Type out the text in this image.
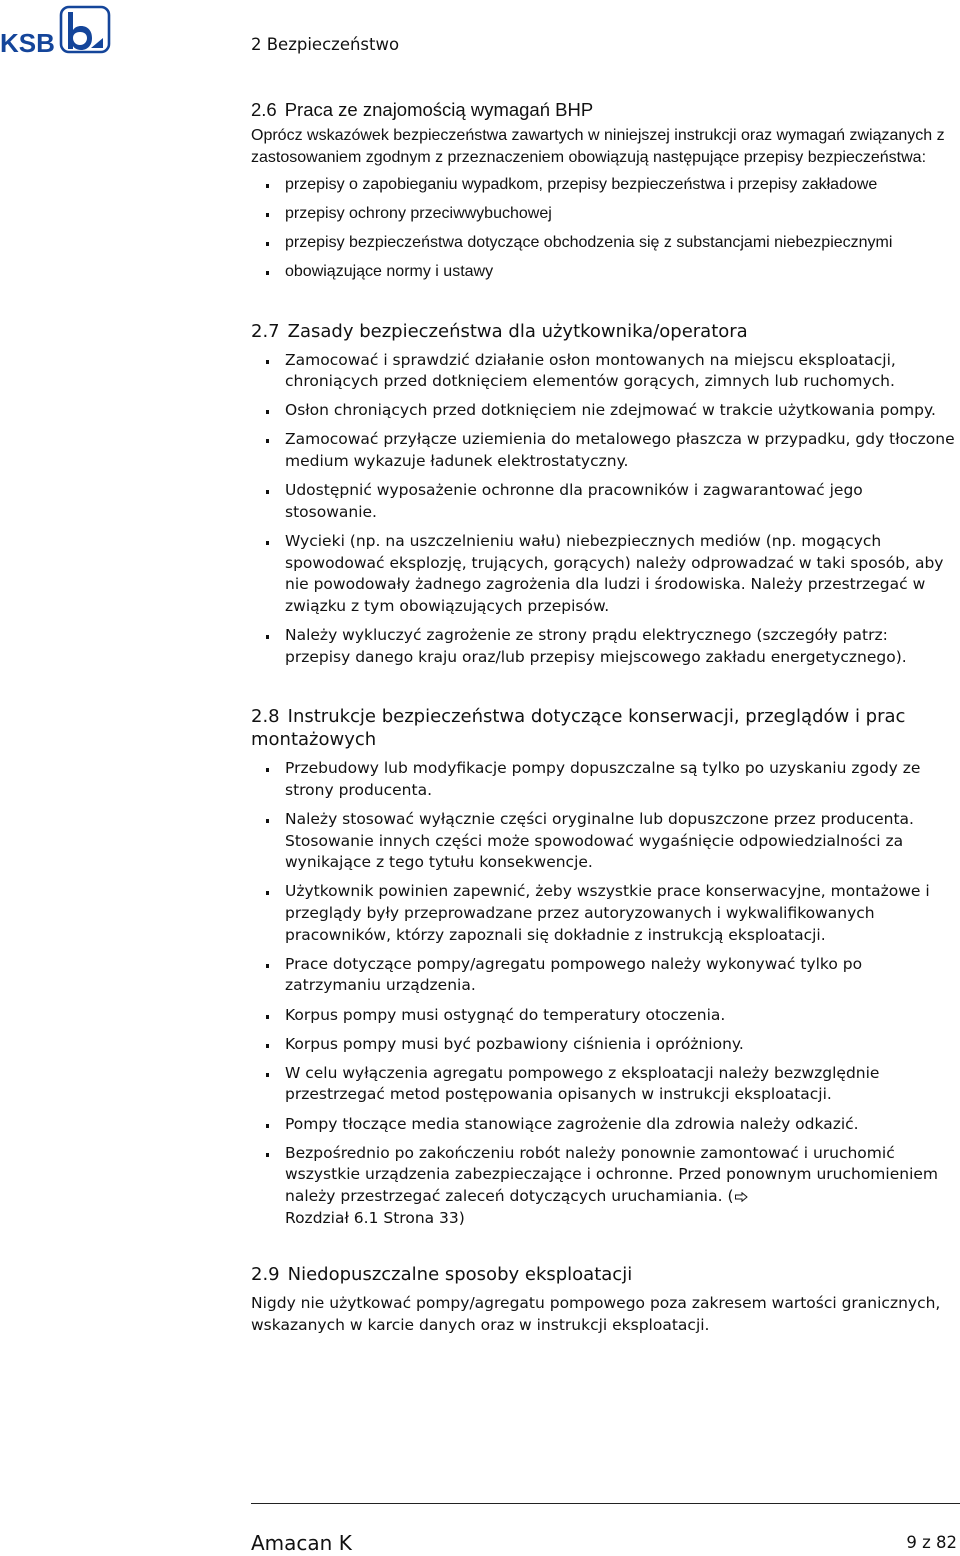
KSB	2 Bezpieczeństwo
2.6 Praca ze znajomością wymagań BHP

Oprócz wskazówek bezpieczeństwa zawartych w niniejszej instrukcji oraz wymagań związanych z zastosowaniem zgodnym z przeznaczeniem obowiązują następujące przepisy bezpieczeństwa:

przepisy o zapobieganiu wypadkom, przepisy bezpieczeństwa i przepisy zakładowe
przepisy ochrony przeciwwybuchowej
przepisy bezpieczeństwa dotyczące obchodzenia się z substancjami niebezpiecznymi
obowiązujące normy i ustawy
2.7 Zasady bezpieczeństwa dla użytkownika/operatora
Zamocować i sprawdzić działanie osłon montowanych na miejscu eksploatacji, chroniących przed dotknięciem elementów gorących, zimnych lub ruchomych.
Osłon chroniących przed dotknięciem nie zdejmować w trakcie użytkowania pompy.
Zamocować przyłącze uziemienia do metalowego płaszcza w przypadku, gdy tłoczone medium wykazuje ładunek elektrostatyczny.
Udostępnić wyposażenie ochronne dla pracowników i zagwarantować jego stosowanie.
Wycieki (np. na uszczelnieniu wału) niebezpiecznych mediów (np. mogących spowodować eksplozję, trujących, gorących) należy odprowadzać w taki sposób, aby nie powodowały żadnego zagrożenia dla ludzi i środowiska. Należy przestrzegać w związku z tym obowiązujących przepisów.
Należy wykluczyć zagrożenie ze strony prądu elektrycznego (szczegóły patrz: przepisy danego kraju oraz/lub przepisy miejscowego zakładu energetycznego).
2.8 Instrukcje bezpieczeństwa dotyczące konserwacji, przeglądów i prac montażowych
Przebudowy lub modyfikacje pompy dopuszczalne są tylko po uzyskaniu zgody ze strony producenta.
Należy stosować wyłącznie części oryginalne lub dopuszczone przez producenta. Stosowanie innych części może spowodować wygaśnięcie odpowiedzialności za wynikające z tego tytułu konsekwencje.
Użytkownik powinien zapewnić, żeby wszystkie prace konserwacyjne, montażowe i przeglądy były przeprowadzane przez autoryzowanych i wykwalifikowanych pracowników, którzy zapoznali się dokładnie z instrukcją eksploatacji.
Prace dotyczące pompy/agregatu pompowego należy wykonywać tylko po zatrzymaniu urządzenia.
Korpus pompy musi ostygnąć do temperatury otoczenia.
Korpus pompy musi być pozbawiony ciśnienia i opróżniony.
W celu wyłączenia agregatu pompowego z eksploatacji należy bezwzględnie przestrzegać metod postępowania opisanych w instrukcji eksploatacji.
Pompy tłoczące media stanowiące zagrożenie dla zdrowia należy odkazić.
Bezpośrednio po zakończeniu robót należy ponownie zamontować i uruchomić wszystkie urządzenia zabezpieczające i ochronne. Przed ponownym uruchomieniem należy przestrzegać zaleceń dotyczących uruchamiania. (
Rozdział 6.1 Strona 33)
2.9 Niedopuszczalne sposoby eksploatacji

Nigdy nie użytkować pompy/agregatu pompowego poza zakresem wartości granicznych, wskazanych w karcie danych oraz w instrukcji eksploatacji.

Amacan K	9 z 82
